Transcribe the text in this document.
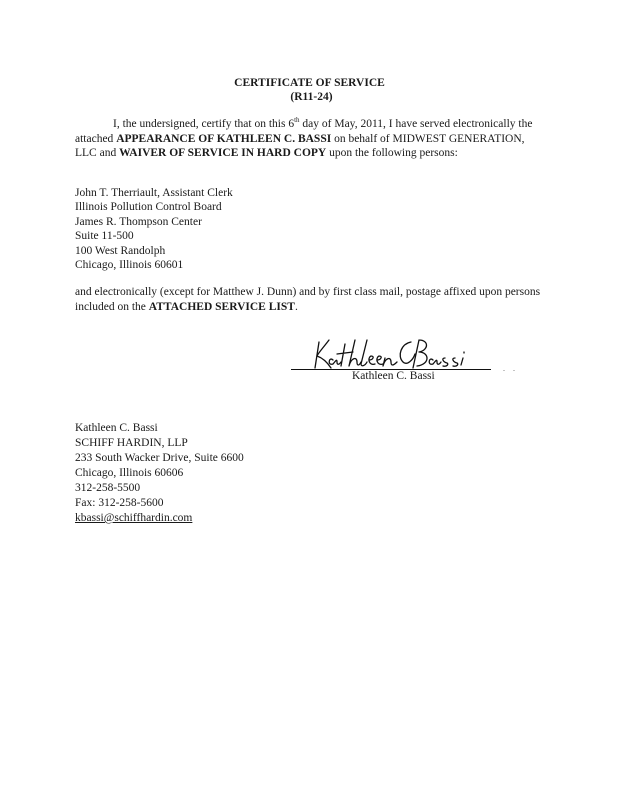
CERTIFICATE OF SERVICE
(R11-24)

I, the undersigned, certify that on this 6th day of May, 2011, I have served electronically the attached APPEARANCE OF KATHLEEN C. BASSI on behalf of MIDWEST GENERATION, LLC and WAIVER OF SERVICE IN HARD COPY upon the following persons:

John T. Therriault, Assistant Clerk
Illinois Pollution Control Board
James R. Thompson Center
Suite 11-500
100 West Randolph
Chicago, Illinois 60601

and electronically (except for Matthew J. Dunn) and by first class mail, postage affixed upon persons included on the ATTACHED SERVICE LIST.

Kathleen C. Bassi
. .
Kathleen C. Bassi
SCHIFF HARDIN, LLP
233 South Wacker Drive, Suite 6600
Chicago, Illinois 60606
312-258-5500
Fax: 312-258-5600
kbassi@schiffhardin.com
